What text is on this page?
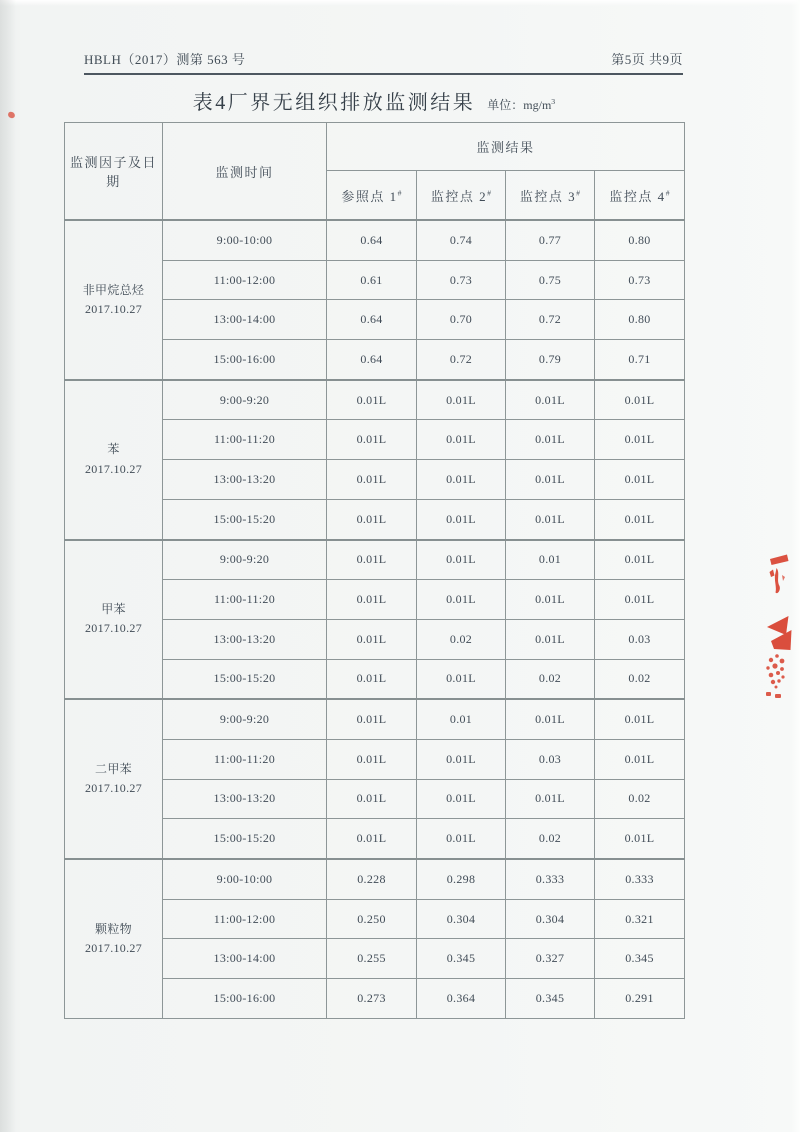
HBLH（2017）测第 563 号	第5页 共9页
表4厂界无组织排放监测结果 单位：$mg/m^3$
监测因子及日期	监测时间	监测结果			
		参照点 1#	监控点 2#	监控点 3#	监控点 4#

非甲烷总烃
2017.10.27	9:00-10:00	0.64	0.74	0.77	0.80
	11:00-12:00	0.61	0.73	0.75	0.73
	13:00-14:00	0.64	0.70	0.72	0.80
	15:00-16:00	0.64	0.72	0.79	0.71

苯
2017.10.27	9:00-9:20	0.01L	0.01L	0.01L	0.01L
	11:00-11:20	0.01L	0.01L	0.01L	0.01L
	13:00-13:20	0.01L	0.01L	0.01L	0.01L
	15:00-15:20	0.01L	0.01L	0.01L	0.01L

甲苯
2017.10.27	9:00-9:20	0.01L	0.01L	0.01	0.01L
	11:00-11:20	0.01L	0.01L	0.01L	0.01L
	13:00-13:20	0.01L	0.02	0.01L	0.03
	15:00-15:20	0.01L	0.01L	0.02	0.02

二甲苯
2017.10.27	9:00-9:20	0.01L	0.01	0.01L	0.01L
	11:00-11:20	0.01L	0.01L	0.03	0.01L
	13:00-13:20	0.01L	0.01L	0.01L	0.02
	15:00-15:20	0.01L	0.01L	0.02	0.01L

颗粒物
2017.10.27	9:00-10:00	0.228	0.298	0.333	0.333
	11:00-12:00	0.250	0.304	0.304	0.321
	13:00-14:00	0.255	0.345	0.327	0.345
	15:00-16:00	0.273	0.364	0.345	0.291
